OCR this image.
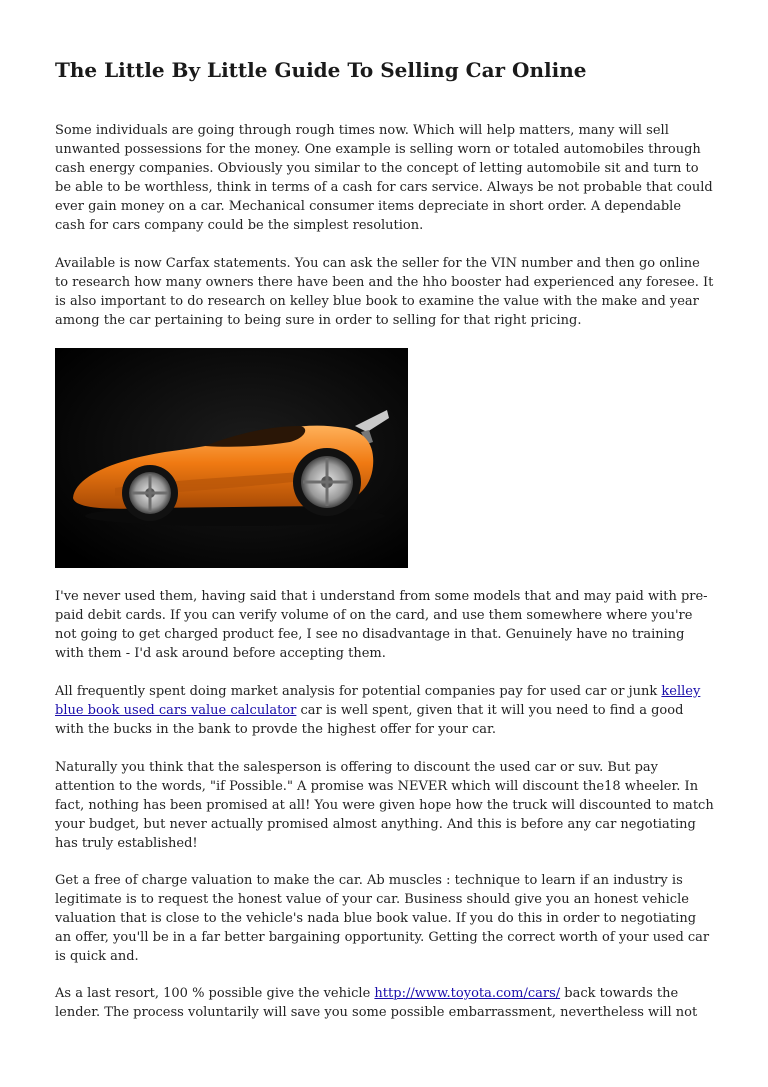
The Little By Little Guide To Selling Car Online

Some individuals are going through rough times now. Which will help matters, many will sell unwanted possessions for the money. One example is selling worn or totaled automobiles through cash energy companies. Obviously you similar to the concept of letting automobile sit and turn to be able to be worthless, think in terms of a cash for cars service. Always be not probable that could ever gain money on a car. Mechanical consumer items depreciate in short order. A dependable cash for cars company could be the simplest resolution.

Available is now Carfax statements. You can ask the seller for the VIN number and then go online to research how many owners there have been and the hho booster had experienced any foresee. It is also important to do research on kelley blue book to examine the value with the make and year among the car pertaining to being sure in order to selling for that right pricing.

I've never used them, having said that i understand from some models that and may paid with pre-paid debit cards. If you can verify volume of on the card, and use them somewhere where you're not going to get charged product fee, I see no disadvantage in that. Genuinely have no training with them - I'd ask around before accepting them.

All frequently spent doing market analysis for potential companies pay for used car or junk kelley blue book used cars value calculator car is well spent, given that it will you need to find a good with the bucks in the bank to provde the highest offer for your car.

Naturally you think that the salesperson is offering to discount the used car or suv. But pay attention to the words, "if Possible." A promise was NEVER which will discount the18 wheeler. In fact, nothing has been promised at all! You were given hope how the truck will discounted to match your budget, but never actually promised almost anything. And this is before any car negotiating has truly established!

Get a free of charge valuation to make the car. Ab muscles : technique to learn if an industry is legitimate is to request the honest value of your car. Business should give you an honest vehicle valuation that is close to the vehicle's nada blue book value. If you do this in order to negotiating an offer, you'll be in a far better bargaining opportunity. Getting the correct worth of your used car is quick and.

As a last resort, 100 % possible give the vehicle http://www.toyota.com/cars/ back towards the lender. The process voluntarily will save you some possible embarrassment, nevertheless will not
